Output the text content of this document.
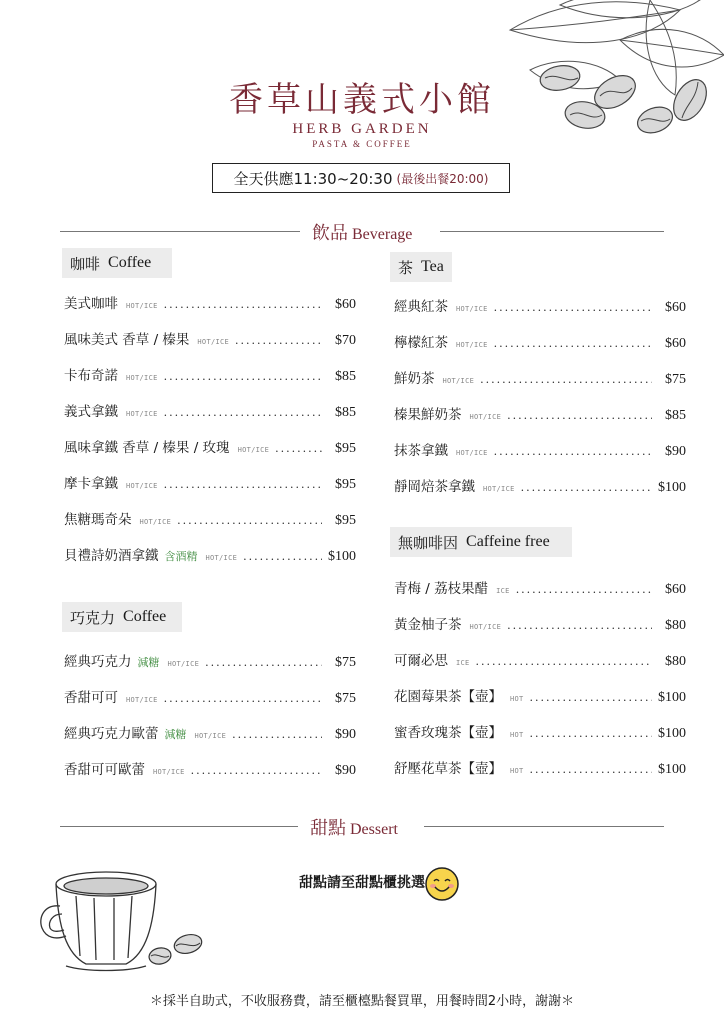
香草山義式小館
HERB GARDEN
PASTA & COFFEE
全天供應11:30~20:30 (最後出餐20:00)
飲品 Beverage
咖啡 Coffee
美式咖啡 HOT/ICE .....	$60
風味美式 香草 / 榛果 HOT/ICE .....	$70
卡布奇諾 HOT/ICE .....	$85
義式拿鐵 HOT/ICE .....	$85
風味拿鐵 香草 / 榛果 / 玫瑰 HOT/ICE .....	$95
摩卡拿鐵 HOT/ICE .....	$95
焦糖瑪奇朵 HOT/ICE .....	$95
貝禮詩奶酒拿鐵 含酒精 HOT/ICE .....	$100
巧克力 Coffee
經典巧克力 減糖 HOT/ICE .....	$75
香甜可可 HOT/ICE .....	$75
經典巧克力歐蕾 減糖 HOT/ICE .....	$90
香甜可可歐蕾 HOT/ICE .....	$90
茶 Tea
經典紅茶 HOT/ICE .....	$60
檸檬紅茶 HOT/ICE .....	$60
鮮奶茶 HOT/ICE .....	$75
榛果鮮奶茶 HOT/ICE .....	$85
抹茶拿鐵 HOT/ICE .....	$90
靜岡焙茶拿鐵 HOT/ICE .....	$100
無咖啡因 Caffeine free
青梅 / 荔枝果醋 ICE .....	$60
黃金柚子茶 HOT/ICE .....	$80
可爾必思 ICE .....	$80
花園莓果茶【壺】 HOT .....	$100
蜜香玫瑰茶【壺】 HOT .....	$100
舒壓花草茶【壺】 HOT .....	$100
甜點 Dessert
甜點請至甜點櫃挑選
＊採半自助式，不收服務費，請至櫃檯點餐買單，用餐時間2小時，謝謝＊
